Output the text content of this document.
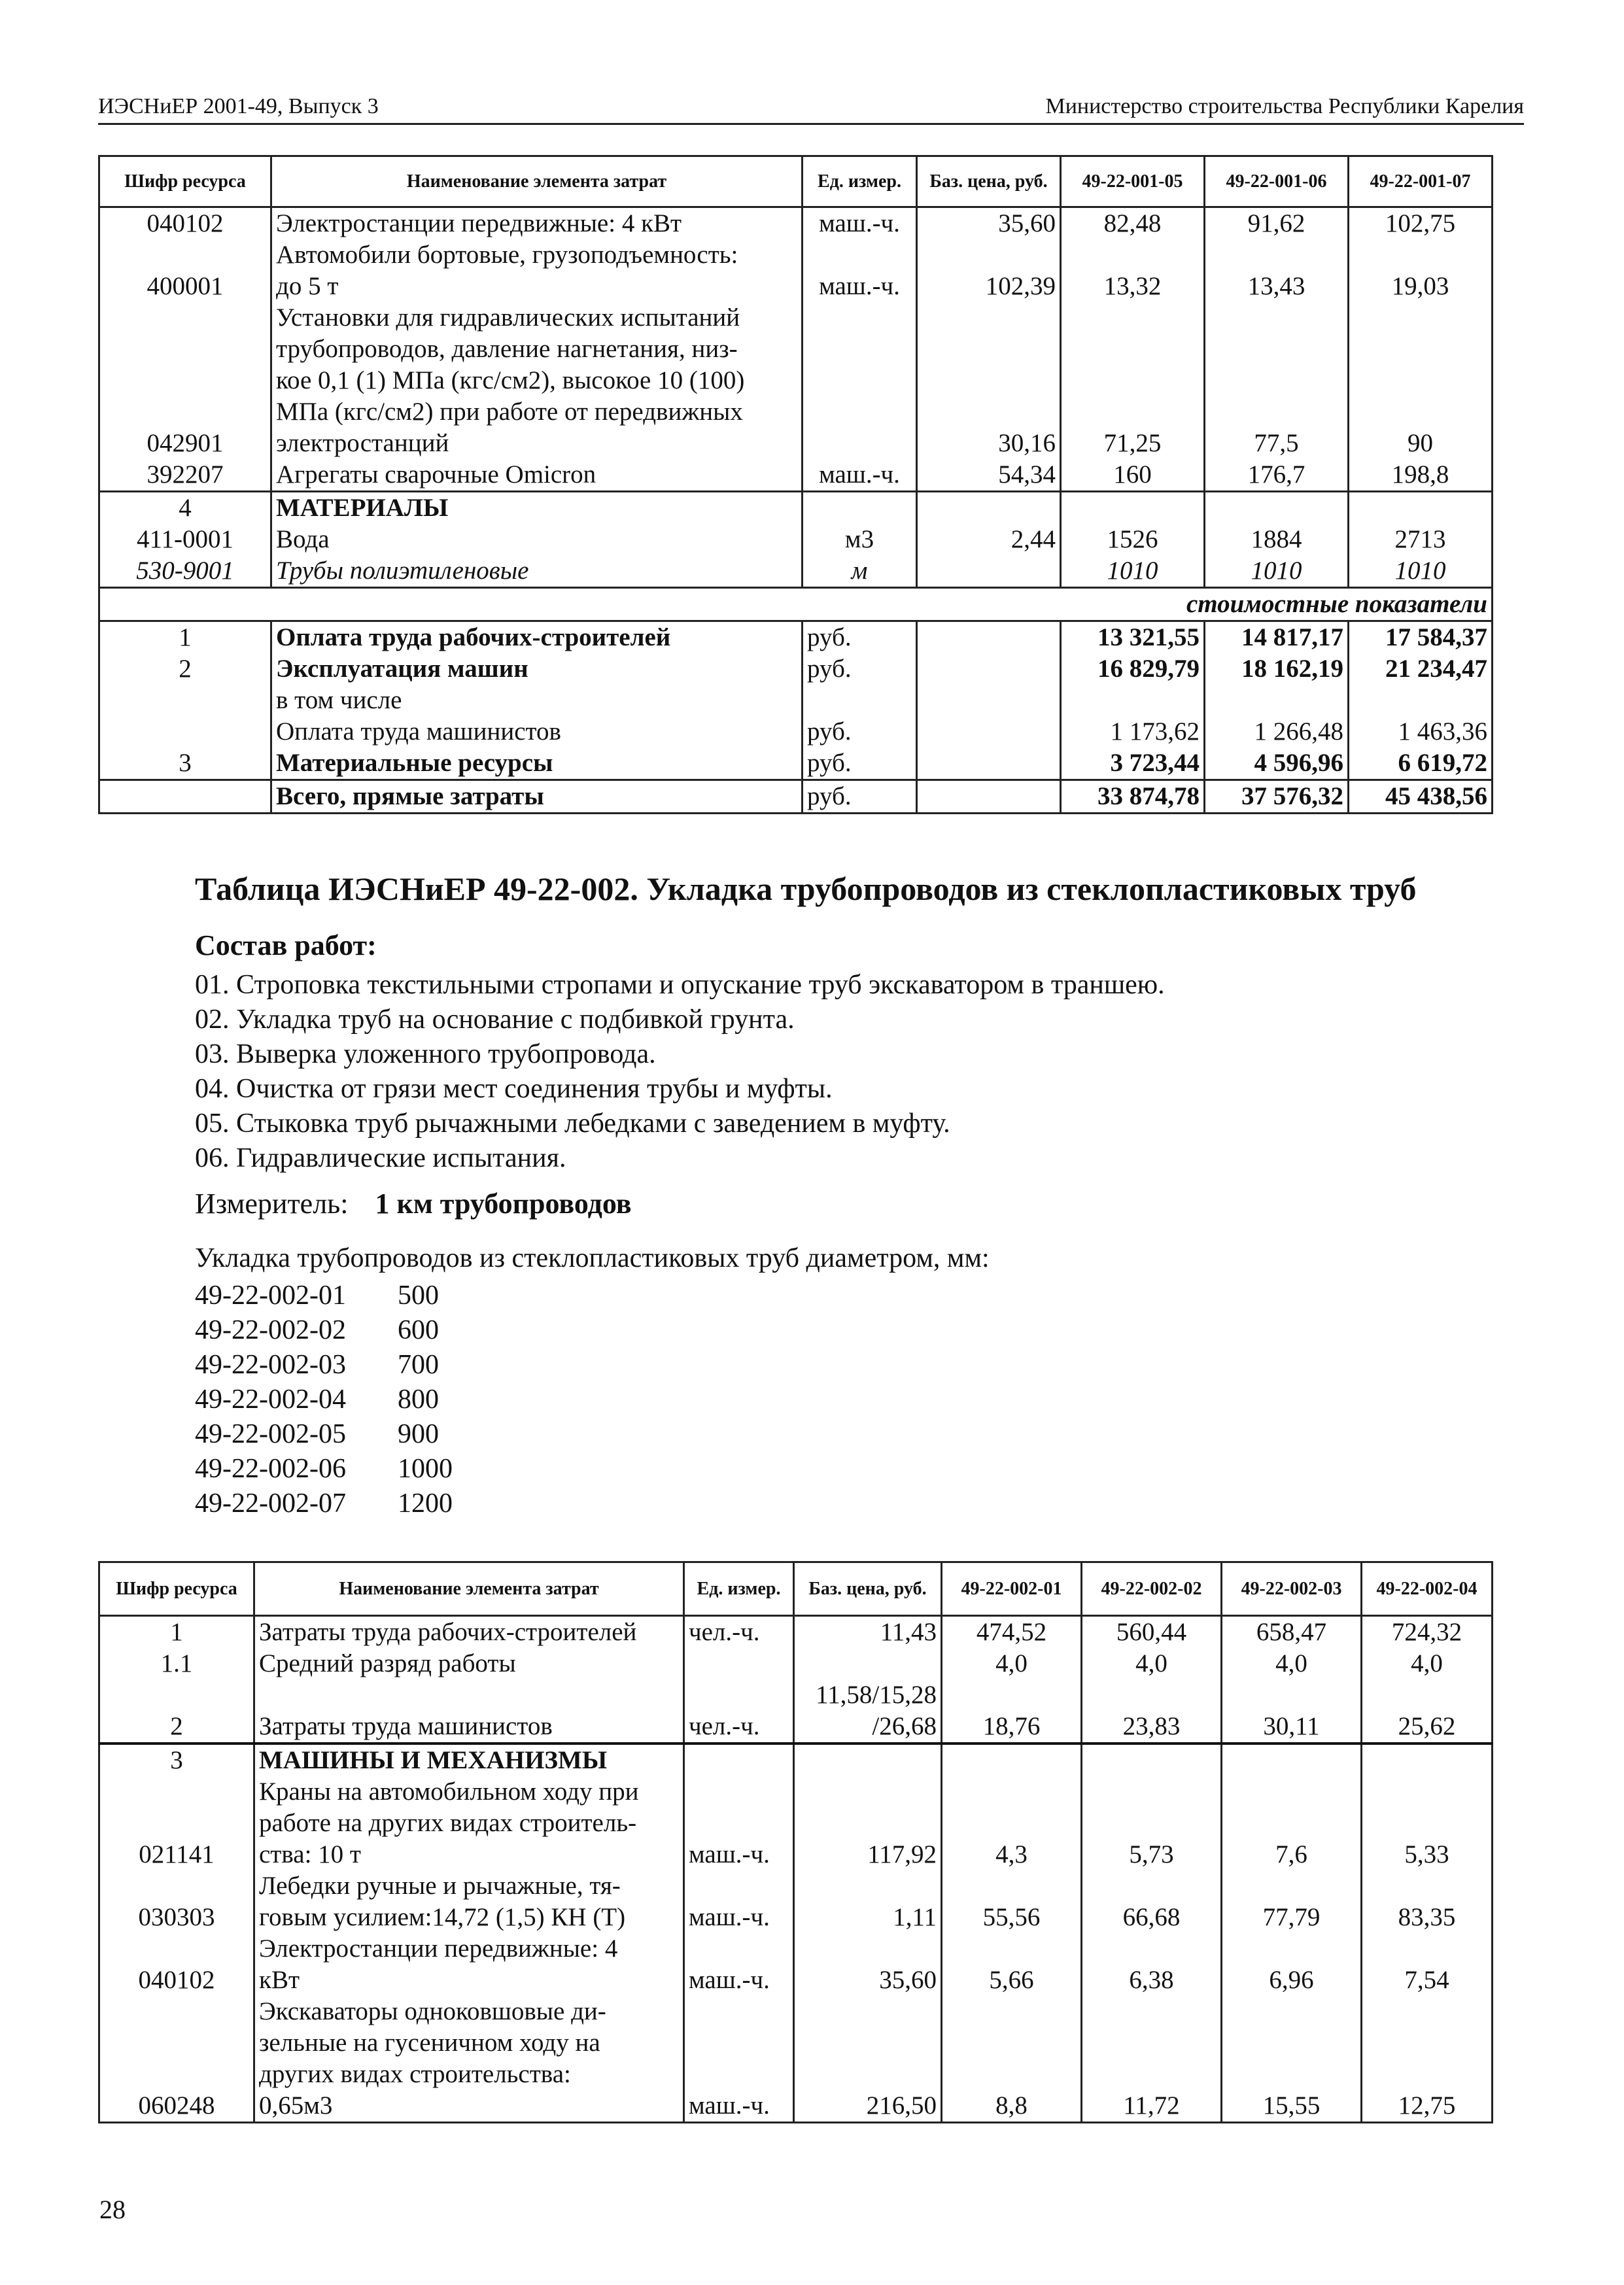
ИЭСНиЕР 2001-49, Выпуск 3	Министерство строительства Республики Карелия
Шифр ресурса	Наименование элемента затрат	Ед. измер.	Баз. цена, руб.	49-22-001-05	49-22-001-06	49-22-001-07
040102	Электростанции передвижные: 4 кВт	маш.-ч.	35,60	82,48	91,62	102,75
400001	Автомобили бортовые, грузоподъемность:
до 5 т	маш.-ч.	102,39	13,32	13,43	19,03
042901	Установки для гидравлических испытаний
трубопроводов, давление нагнетания, низ-
кое 0,1 (1) МПа (кгс/см2), высокое 10 (100)
МПа (кгс/см2) при работе от передвижных
электростанций		30,16	71,25	77,5	90
392207	Агрегаты сварочные Omicron	маш.-ч.	54,34	160	176,7	198,8
4	МАТЕРИАЛЫ					
411-0001	Вода	м3	2,44	1526	1884	2713
530-9001	Трубы полиэтиленовые	м		1010	1010	1010
стоимостные показатели						
1	Оплата труда рабочих-строителей	руб.		13 321,55	14 817,17	17 584,37
2	Эксплуатация машин	руб.		16 829,79	18 162,19	21 234,47
	в том числе					
	Оплата труда машинистов	руб.		1 173,62	1 266,48	1 463,36
3	Материальные ресурсы	руб.		3 723,44	4 596,96	6 619,72
	Всего, прямые затраты	руб.		33 874,78	37 576,32	45 438,56
Таблица ИЭСНиЕР 49-22-002. Укладка трубопроводов из стеклопластиковых труб
Состав работ:
01. Строповка текстильными стропами и опускание труб экскаватором в траншею.
02. Укладка труб на основание с подбивкой грунта.
03. Выверка уложенного трубопровода.
04. Очистка от грязи мест соединения трубы и муфты.
05. Стыковка труб рычажными лебедками с заведением в муфту.
06. Гидравлические испытания.
Измеритель: 1 км трубопроводов
Укладка трубопроводов из стеклопластиковых труб диаметром, мм:
49-22-002-01 500
49-22-002-02 600
49-22-002-03 700
49-22-002-04 800
49-22-002-05 900
49-22-002-06 1000
49-22-002-07 1200
Шифр ресурса	Наименование элемента затрат	Ед. измер.	Баз. цена, руб.	49-22-002-01	49-22-002-02	49-22-002-03	49-22-002-04
1	Затраты труда рабочих-строителей	чел.-ч.	11,43	474,52	560,44	658,47	724,32
1.1	Средний разряд работы			4,0	4,0	4,0	4,0
2	Затраты труда машинистов	чел.-ч.	11,58/15,28
/26,68	18,76	23,83	30,11	25,62
3	МАШИНЫ И МЕХАНИЗМЫ						
021141	Краны на автомобильном ходу при
работе на других видах строитель-
ства: 10 т	маш.-ч.	117,92	4,3	5,73	7,6	5,33
030303	Лебедки ручные и рычажные, тя-
говым усилием:14,72 (1,5) КН (Т)	маш.-ч.	1,11	55,56	66,68	77,79	83,35
040102	Электростанции передвижные: 4
кВт	маш.-ч.	35,60	5,66	6,38	6,96	7,54
060248	Экскаваторы одноковшовые ди-
зельные на гусеничном ходу на
других видах строительства:
0,65м3	маш.-ч.	216,50	8,8	11,72	15,55	12,75
28
